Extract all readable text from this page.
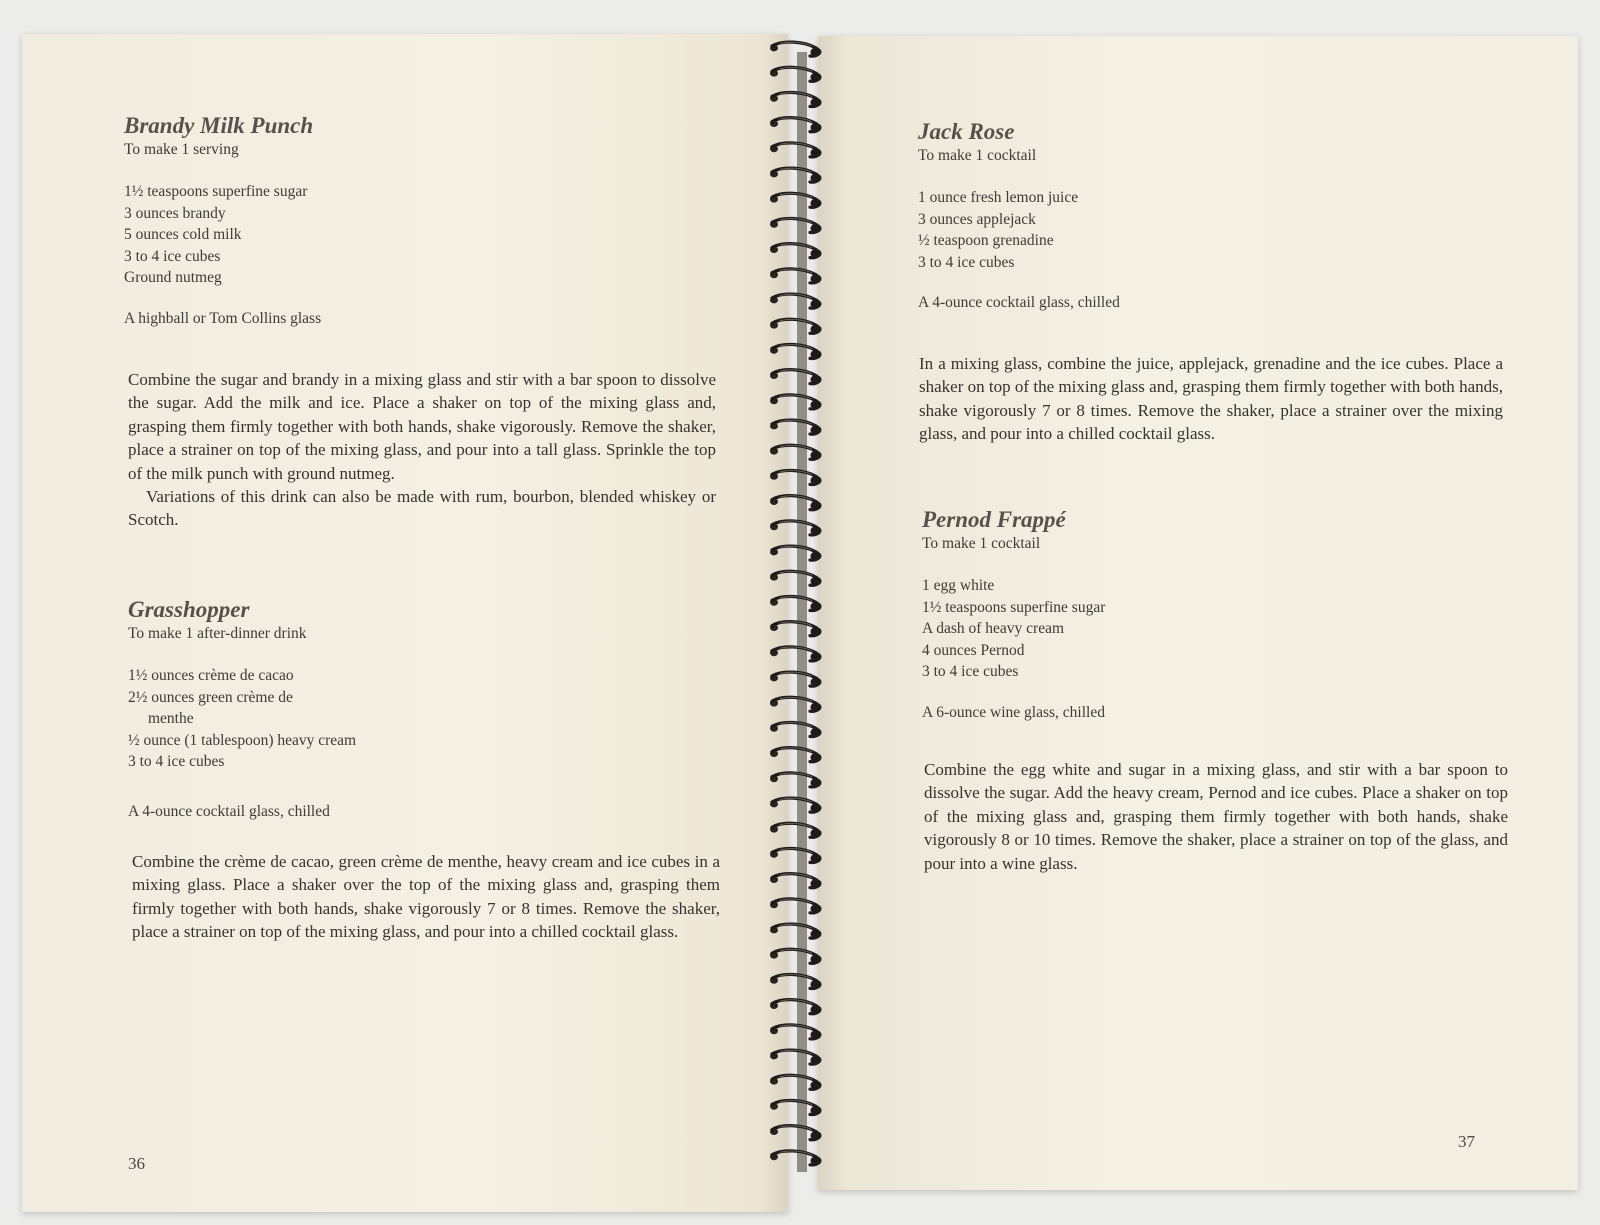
Brandy Milk Punch
To make 1 serving
1½ teaspoons superfine sugar
3 ounces brandy
5 ounces cold milk
3 to 4 ice cubes
Ground nutmeg
A highball or Tom Collins glass

Combine the sugar and brandy in a mixing glass and stir with a bar spoon to dissolve the sugar. Add the milk and ice. Place a shaker on top of the mixing glass and, grasping them firmly together with both hands, shake vigorously. Remove the shaker, place a strainer on top of the mixing glass, and pour into a tall glass. Sprinkle the top of the milk punch with ground nutmeg.

Variations of this drink can also be made with rum, bourbon, blended whiskey or Scotch.

Grasshopper
To make 1 after-dinner drink
1½ ounces crème de cacao
2½ ounces green crème de
menthe
½ ounce (1 tablespoon) heavy cream
3 to 4 ice cubes
A 4-ounce cocktail glass, chilled

Combine the crème de cacao, green crème de menthe, heavy cream and ice cubes in a mixing glass. Place a shaker over the top of the mixing glass and, grasping them firmly together with both hands, shake vigorously 7 or 8 times. Remove the shaker, place a strainer on top of the mixing glass, and pour into a chilled cocktail glass.

36
Jack Rose
To make 1 cocktail
1 ounce fresh lemon juice
3 ounces applejack
½ teaspoon grenadine
3 to 4 ice cubes
A 4-ounce cocktail glass, chilled

In a mixing glass, combine the juice, applejack, grenadine and the ice cubes. Place a shaker on top of the mixing glass and, grasping them firmly together with both hands, shake vigorously 7 or 8 times. Remove the shaker, place a strainer over the mixing glass, and pour into a chilled cocktail glass.

Pernod Frappé
To make 1 cocktail
1 egg white
1½ teaspoons superfine sugar
A dash of heavy cream
4 ounces Pernod
3 to 4 ice cubes
A 6-ounce wine glass, chilled

Combine the egg white and sugar in a mixing glass, and stir with a bar spoon to dissolve the sugar. Add the heavy cream, Pernod and ice cubes. Place a shaker on top of the mixing glass and, grasping them firmly together with both hands, shake vigorously 8 or 10 times. Remove the shaker, place a strainer on top of the glass, and pour into a wine glass.

37
